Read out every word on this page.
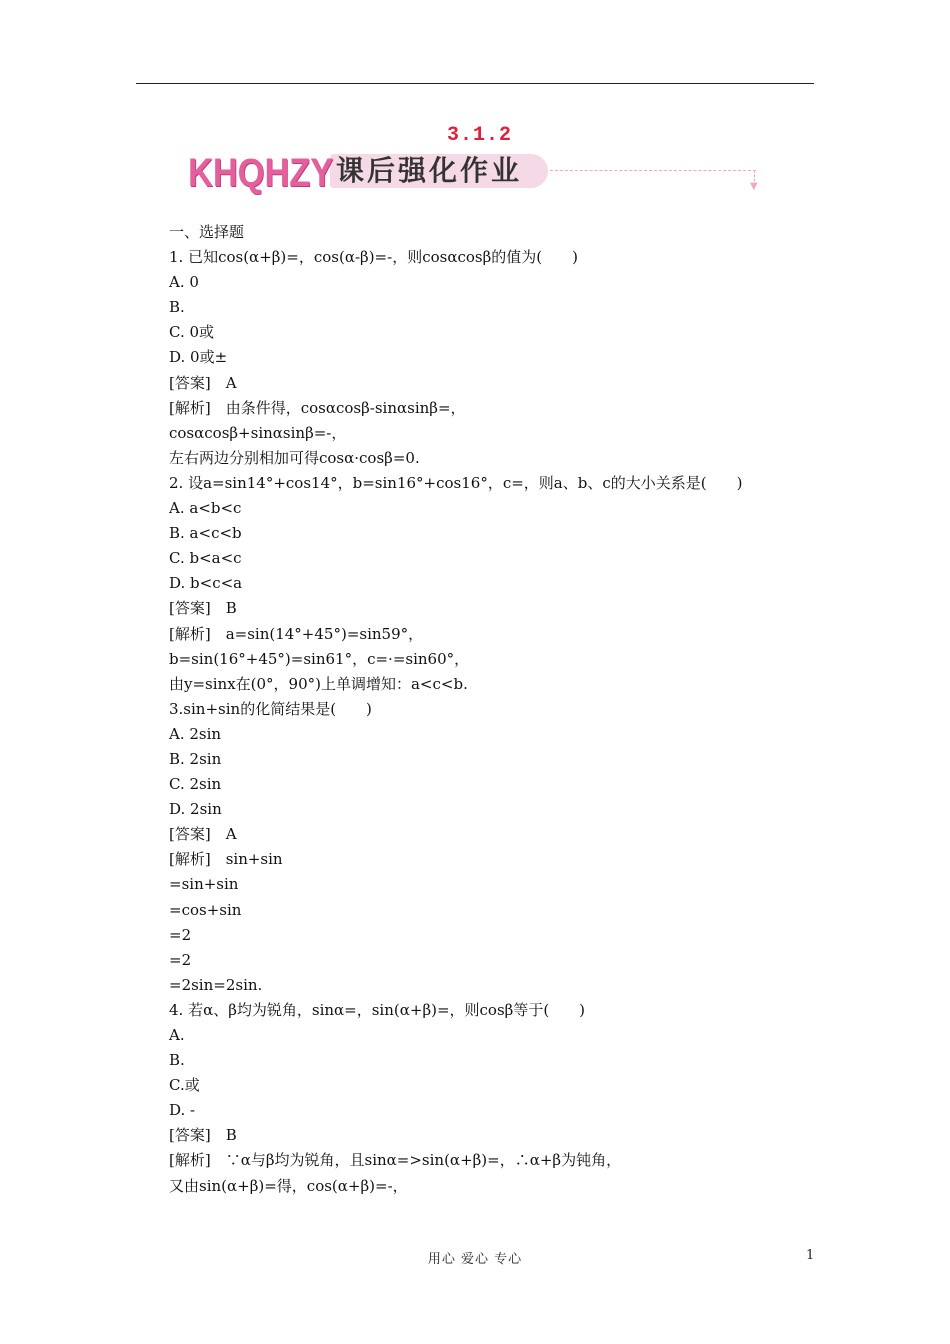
3.1.2
KHQHZY 课后强化作业	▼
一、选择题
1. 已知cos(α+β)=，cos(α-β)=-，则cosαcosβ的值为(　　)
A. 0
B.
C. 0或
D. 0或±
[答案]　A
[解析]　由条件得，cosαcosβ-sinαsinβ=，
cosαcosβ+sinαsinβ=-，
左右两边分别相加可得cosα·cosβ=0.
2. 设a=sin14°+cos14°，b=sin16°+cos16°，c=，则a、b、c的大小关系是(　　)
A. a<b<c
B. a<c<b
C. b<a<c
D. b<c<a
[答案]　B
[解析]　a=sin(14°+45°)=sin59°，
b=sin(16°+45°)=sin61°，c=·=sin60°，
由y=sinx在(0°，90°)上单调增知：a<c<b.
3.sin+sin的化简结果是(　　)
A. 2sin
B. 2sin
C. 2sin
D. 2sin
[答案]　A
[解析]　sin+sin
=sin+sin
=cos+sin
=2
=2
=2sin=2sin.
4. 若α、β均为锐角，sinα=，sin(α+β)=，则cosβ等于(　　)
A.
B.
C.或
D. -
[答案]　B
[解析]　∵α与β均为锐角，且sinα=>sin(α+β)=，∴α+β为钝角，
又由sin(α+β)=得，cos(α+β)=-，
用心 爱心 专心	1
